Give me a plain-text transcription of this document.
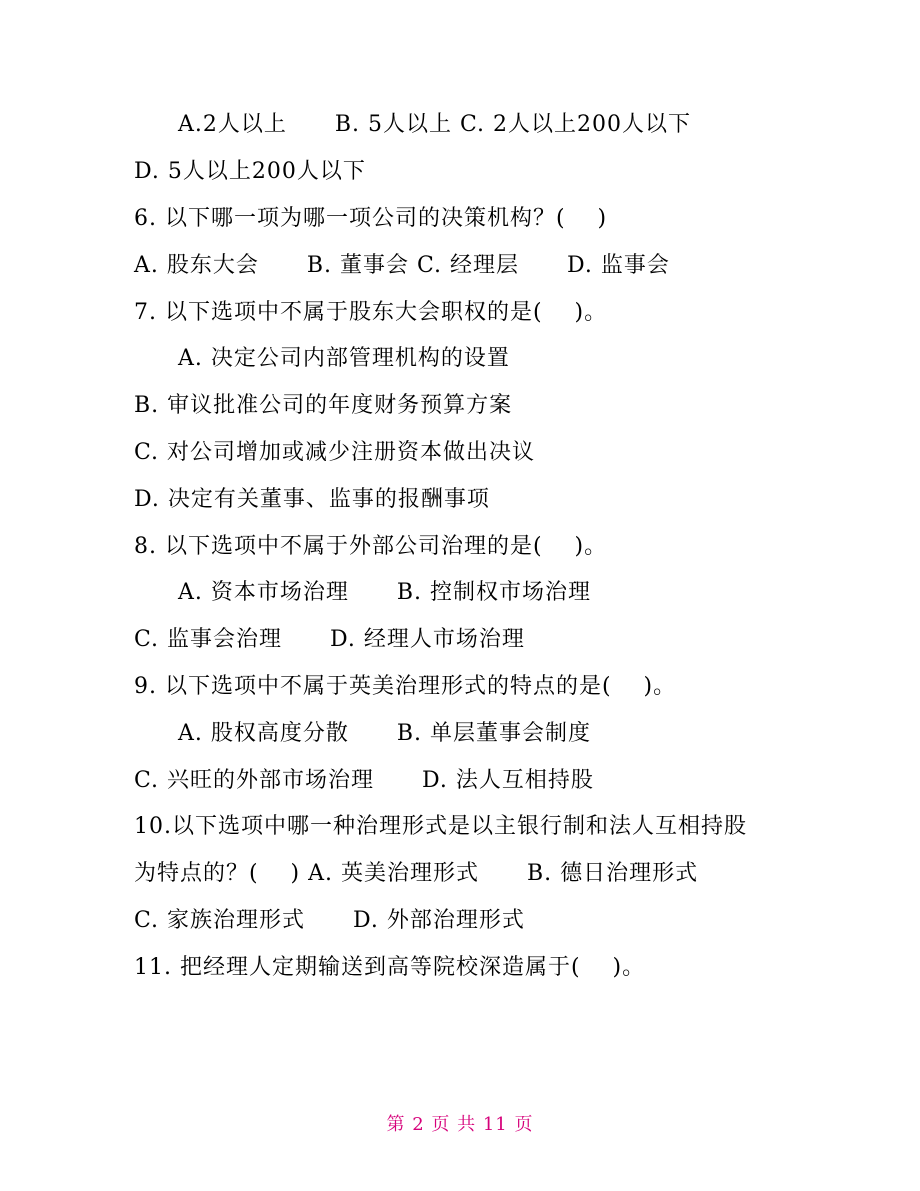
A.2人以上      B. 5人以上 C. 2人以上200人以下
D. 5人以上200人以下
6. 以下哪一项为哪一项公司的决策机构？(    )
A. 股东大会      B. 董事会 C. 经理层      D. 监事会
7. 以下选项中不属于股东大会职权的是(    )。
A. 决定公司内部管理机构的设置
B. 审议批准公司的年度财务预算方案
C. 对公司增加或减少注册资本做出决议
D. 决定有关董事、监事的报酬事项
8. 以下选项中不属于外部公司治理的是(    )。
A. 资本市场治理      B. 控制权市场治理
C. 监事会治理      D. 经理人市场治理
9. 以下选项中不属于英美治理形式的特点的是(    )。
A. 股权高度分散      B. 单层董事会制度
C. 兴旺的外部市场治理      D. 法人互相持股
10.以下选项中哪一种治理形式是以主银行制和法人互相持股
为特点的？(    ) A. 英美治理形式      B. 德日治理形式
C. 家族治理形式      D. 外部治理形式
11. 把经理人定期输送到高等院校深造属于(    )。
第 2 页 共 11 页
